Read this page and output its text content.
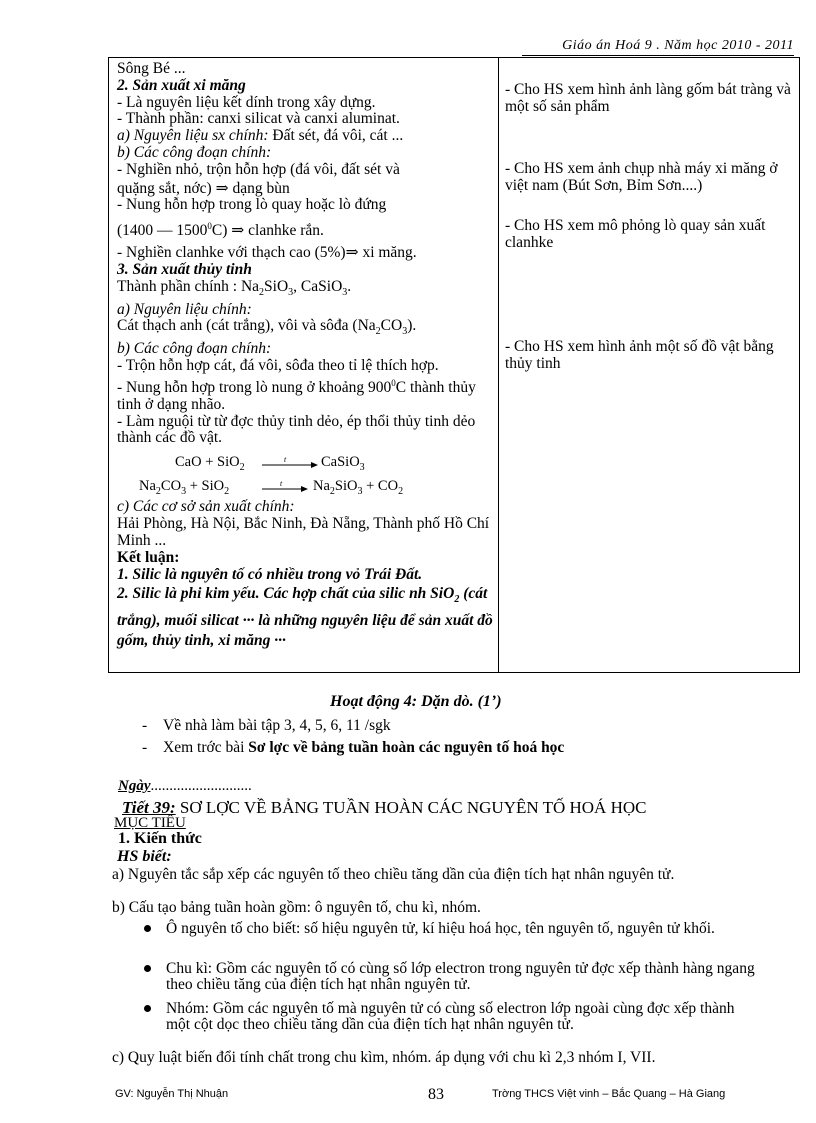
Giáo án Hoá 9 . Năm học 2010 - 2011
Sông Bé ...
2. Sản xuất xi măng
- Là nguyên liệu kết dính trong xây dựng.
- Thành phần: canxi silicat và canxi aluminat.
a) Nguyên liệu sx chính: Đất sét, đá vôi, cát ...
b) Các công đoạn chính:
- Nghiền nhỏ, trộn hỗn hợp (đá vôi, đất sét và
quặng sắt, nớc) ⇒ dạng bùn
- Nung hỗn hợp trong lò quay hoặc lò đứng
(1400 — 1500$^0$C) ⇒ clanhke rắn.
- Nghiền clanhke với thạch cao (5%)⇒ xi măng.
3. Sản xuất thủy tinh
Thành phần chính : $Na_2SiO_3$, CaSiO$_3$.
a) Nguyên liệu chính:
Cát thạch anh (cát trắng), vôi và sôđa $(Na_2CO_3)$.
b) Các công đoạn chính:
- Trộn hỗn hợp cát, đá vôi, sôđa theo tỉ lệ thích hợp.
- Nung hỗn hợp trong lò nung ở khoảng $900^0C$ thành thủy tinh ở dạng nhão.
- Làm nguội từ từ đợc thủy tinh dẻo, ép thổi thủy tinh dẻo thành các đồ vật.
CaO + SiO$_2$
t CaSiO$_3$
$Na_2CO_3 + SiO_2$
t $Na_2SiO_3 + CO_2$
c) Các cơ sở sản xuất chính:
Hải Phòng, Hà Nội, Bắc Ninh, Đà Nẵng, Thành phố Hồ Chí Minh ...
Kết luận:
1. Silic là nguyên tố có nhiều trong vỏ Trái Đất.
2. Silic là phi kim yếu. Các hợp chất của silic nh SiO$_2$ (cát trắng), muối silicat ··· là những nguyên liệu để sản xuất đồ gốm, thủy tinh, xi măng ···
- Cho HS xem hình ảnh làng gốm bát tràng và một số sản phẩm
- Cho HS xem ảnh chụp nhà máy xi măng ở việt nam (Bút Sơn, Bỉm Sơn....)
- Cho HS xem mô phỏng lò quay sản xuất clanhke
- Cho HS xem hình ảnh một số đồ vật bằng thủy tinh
Hoạt động 4: Dặn dò. (1’)
- Về nhà làm bài tập 3, 4, 5, 6, 11 /sgk
- Xem trớc bài Sơ lợc về bảng tuần hoàn các nguyên tố hoá học
Ngày...........................
Tiết 39: SƠ LỢC VỀ BẢNG TUẦN HOÀN CÁC NGUYÊN TỐ HOÁ HỌC
MỤC TIÊU
1. Kiến thức
HS biết:
a) Nguyên tắc sắp xếp các nguyên tố theo chiều tăng dần của điện tích hạt nhân nguyên tử.
b) Cấu tạo bảng tuần hoàn gồm: ô nguyên tố, chu kì, nhóm.
Ô nguyên tố cho biết: số hiệu nguyên tử, kí hiệu hoá học, tên nguyên tố, nguyên tử khối.
Chu kì: Gồm các nguyên tố có cùng số lớp electron trong nguyên tử đợc xếp thành hàng ngang theo chiều tăng của điện tích hạt nhân nguyên tử.
Nhóm: Gồm các nguyên tố mà nguyên tử có cùng số electron lớp ngoài cùng đợc xếp thành một cột dọc theo chiều tăng dần của điện tích hạt nhân nguyên tử.
c) Quy luật biến đổi tính chất trong chu kìm, nhóm. áp dụng với chu kì 2,3 nhóm I, VII.
GV: Nguyễn Thị Nhuận	83	Trờng THCS Việt vinh – Bắc Quang – Hà Giang
